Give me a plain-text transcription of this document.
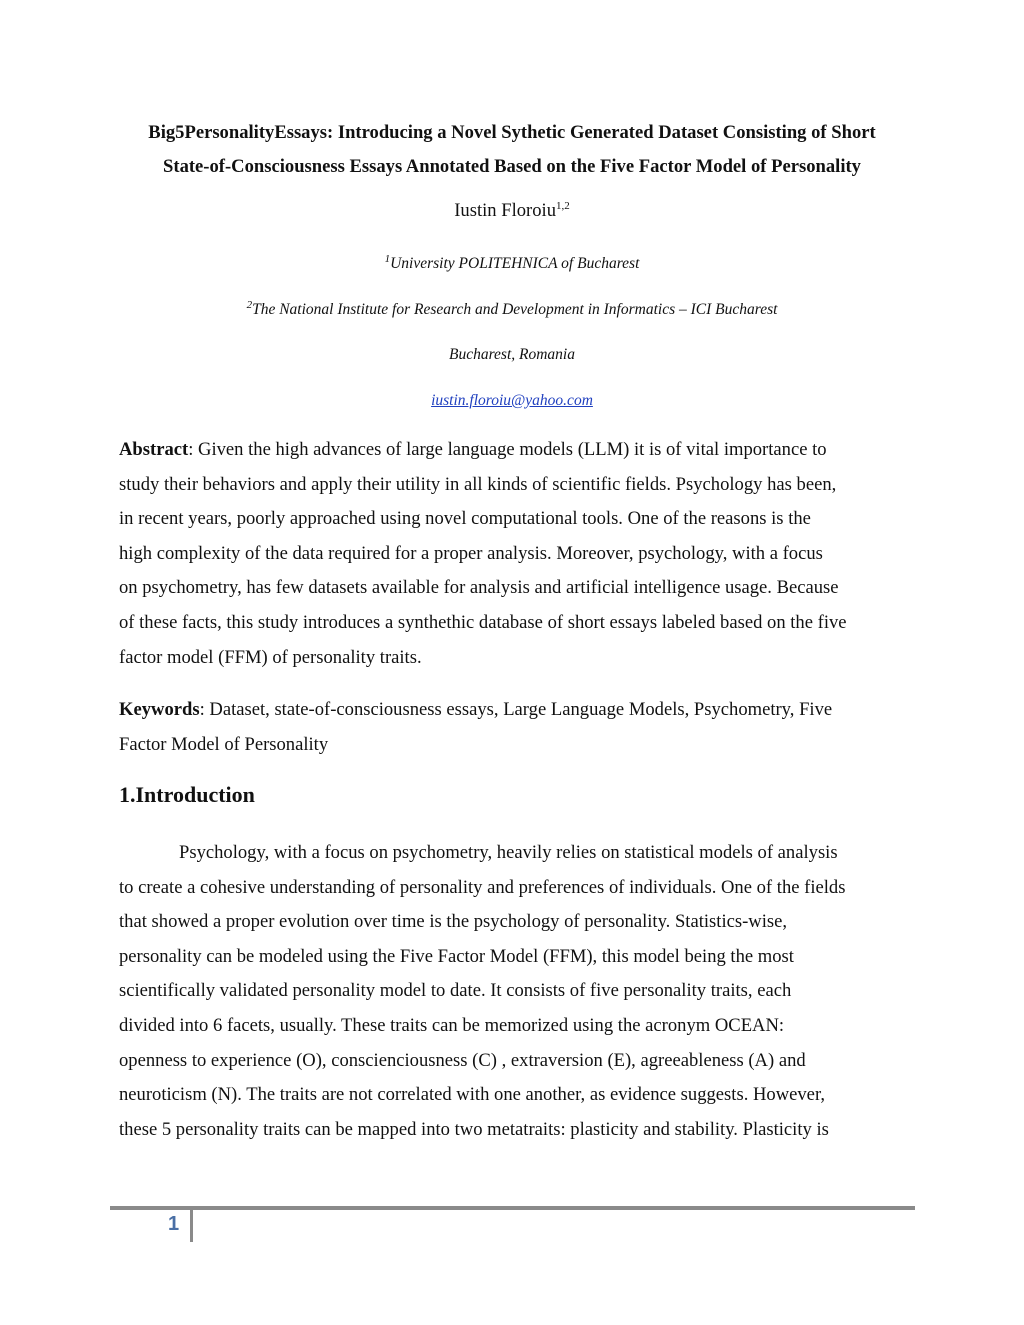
Big5PersonalityEssays: Introducing a Novel Sythetic Generated Dataset Consisting of Short
State-of-Consciousness Essays Annotated Based on the Five Factor Model of Personality
Iustin Floroiu$^{1,2}$
$^1$University POLITEHNICA of Bucharest
$^2$The National Institute for Research and Development in Informatics – ICI Bucharest
Bucharest, Romania
iustin.floroiu@yahoo.com
Abstract: Given the high advances of large language models (LLM) it is of vital importance to
study their behaviors and apply their utility in all kinds of scientific fields. Psychology has been,
in recent years, poorly approached using novel computational tools. One of the reasons is the
high complexity of the data required for a proper analysis. Moreover, psychology, with a focus
on psychometry, has few datasets available for analysis and artificial intelligence usage. Because
of these facts, this study introduces a synthethic database of short essays labeled based on the five
factor model (FFM) of personality traits.
Keywords: Dataset, state-of-consciousness essays, Large Language Models, Psychometry, Five
Factor Model of Personality
1.Introduction
Psychology, with a focus on psychometry, heavily relies on statistical models of analysis
to create a cohesive understanding of personality and preferences of individuals. One of the fields
that showed a proper evolution over time is the psychology of personality. Statistics-wise,
personality can be modeled using the Five Factor Model (FFM), this model being the most
scientifically validated personality model to date. It consists of five personality traits, each
divided into 6 facets, usually. These traits can be memorized using the acronym OCEAN:
openness to experience (O), conscienciousness (C) , extraversion (E), agreeableness (A) and
neuroticism (N). The traits are not correlated with one another, as evidence suggests. However,
these 5 personality traits can be mapped into two metatraits: plasticity and stability. Plasticity is
1
